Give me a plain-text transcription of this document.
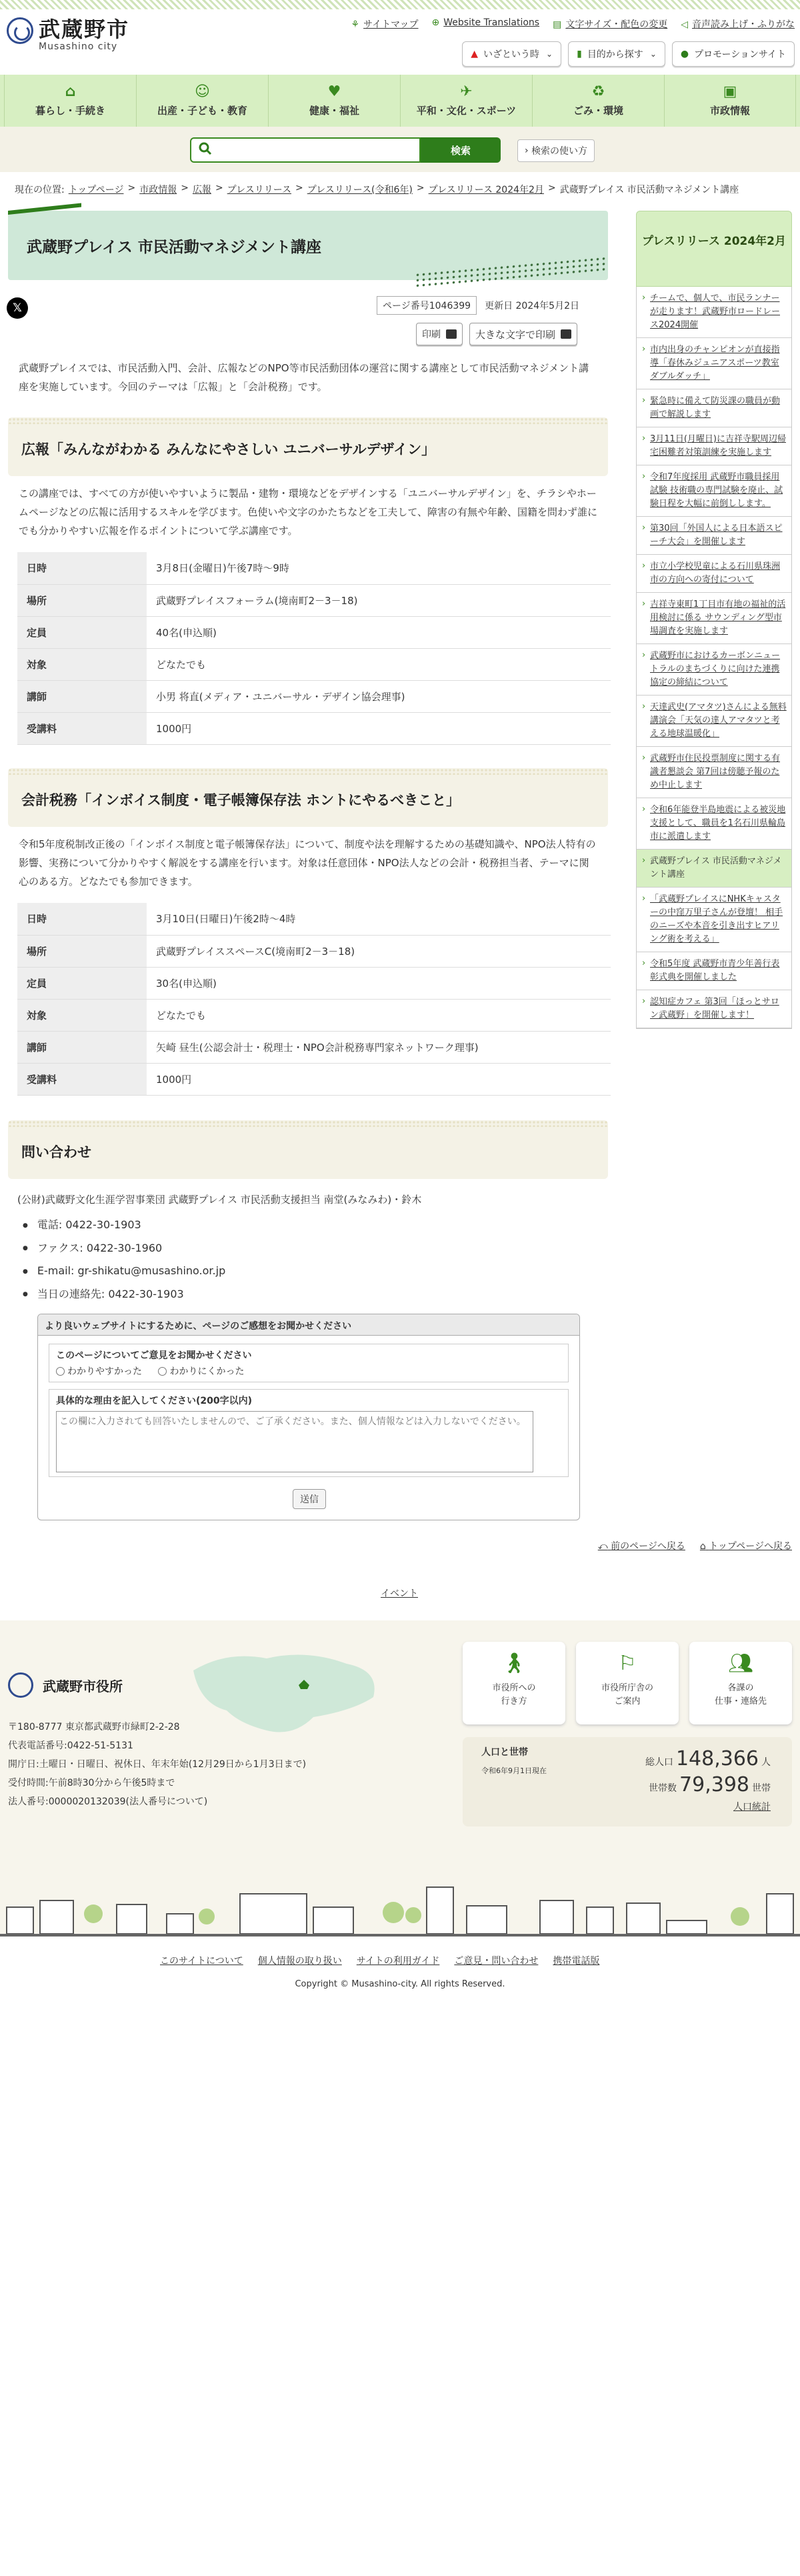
武蔵野市
Musashino city
⚘ サイトマップ ⊕ Website Translations ▤ 文字サイズ・配色の変更 ◁ 音声読み上げ・ふりがな
▲ いざという時 ⌄	▮ 目的から探す ⌄	● プロモーションサイト
⌂
暮らし・手続き
☺
出産・子ども・教育
♥
健康・福祉
✈
平和・文化・スポーツ
♻
ごみ・環境
▣
市政情報
検索	›
検索の使い方
現在の位置: トップページ > 市政情報 > 広報 > プレスリリース > プレスリリース(令和6年) > プレスリリース 2024年2月 > 武蔵野プレイス 市民活動マネジメント講座
武蔵野プレイス 市民活動マネジメント講座
𝕏	ページ番号1046399	更新日 2024年5月2日
印刷	大きな文字で印刷

武蔵野プレイスでは、市民活動入門、会計、広報などのNPO等市民活動団体の運営に関する講座として市民活動マネジメント講座を実施しています。今回のテーマは「広報」と「会計税務」です。

広報「みんながわかる みんなにやさしい ユニバーサルデザイン」

この講座では、すべての方が使いやすいように製品・建物・環境などをデザインする「ユニバーサルデザイン」を、チラシやホームページなどの広報に活用するスキルを学びます。色使いや文字のかたちなどを工夫して、障害の有無や年齢、国籍を問わず誰にでも分かりやすい広報を作るポイントについて学ぶ講座です。

日時	3月8日(金曜日)午後7時～9時
場所	武蔵野プレイスフォーラム(境南町2－3－18)
定員	40名(申込順)
対象	どなたでも
講師	小男 将直(メディア・ユニバーサル・デザイン協会理事)
受講料	1000円
会計税務「インボイス制度・電子帳簿保存法 ホントにやるべきこと」

令和5年度税制改正後の「インボイス制度と電子帳簿保存法」について、制度や法を理解するための基礎知識や、NPO法人特有の影響、実務について分かりやすく解説をする講座を行います。対象は任意団体・NPO法人などの会計・税務担当者、テーマに関心のある方。どなたでも参加できます。

日時	3月10日(日曜日)午後2時～4時
場所	武蔵野プレイススペースC(境南町2－3－18)
定員	30名(申込順)
対象	どなたでも
講師	矢崎 昼生(公認会計士・税理士・NPO会計税務専門家ネットワーク理事)
受講料	1000円
問い合わせ

(公財)武蔵野文化生涯学習事業団 武蔵野プレイス 市民活動支援担当 南堂(みなみわ)・鈴木

● 電話: 0422-30-1903
● ファクス: 0422-30-1960
● E-mail: gr-shikatu@musashino.or.jp
● 当日の連絡先: 0422-30-1903
より良いウェブサイトにするために、ページのご感想をお聞かせください
このページについてご意見をお聞かせください
わかりやすかった
	わかりにくかった
具体的な理由を記入してください(200字以内)
この欄に入力されても回答いたしませんので、ご了承ください。また、個人情報などは入力しないでください。
送信
⤺ 前のページへ戻る ⌂ トップページへ戻る
イベント
プレスリリース 2024年2月
› チームで、個人で、市民ランナーが走ります！武蔵野市ロードレース2024開催
› 市内出身のチャンピオンが直接指導「春休みジュニアスポーツ教室 ダブルダッチ」
› 緊急時に備えて防災課の職員が動画で解説します
› 3月11日(月曜日)に吉祥寺駅周辺帰宅困難者対策訓練を実施します
› 令和7年度採用 武蔵野市職員採用試験 技術職の専門試験を廃止、試験日程を大幅に前倒しします。
› 第30回「外国人による日本語スピーチ大会」を開催します
› 市立小学校児童による石川県珠洲市の方向への寄付について
› 吉祥寺東町1丁目市有地の福祉的活用検討に係る サウンディング型市場調査を実施します
› 武蔵野市におけるカーボンニュートラルのまちづくりに向けた連携協定の締結について
› 天達武史(アマタツ)さんによる無料講演会「天気の達人アマタツと考える地球温暖化」
› 武蔵野市住民投票制度に関する有識者懇談会 第7回は傍聴予報のため中止します
› 令和6年能登半島地震による被災地支援として、職員を1名石川県輪島市に派遣します
› 武蔵野プレイス 市民活動マネジメント講座
› 「武蔵野プレイスにNHKキャスターの中窪万里子さんが登壇！ 相手のニーズや本音を引き出すヒアリング術を考える」
› 令和5年度 武蔵野市青少年善行表彰式典を開催しました
› 認知症カフェ 第3回「ほっとサロン武蔵野」を開催します！
武蔵野市役所
〒180-8777 東京都武蔵野市緑町2-2-28
代表電話番号:0422-51-5131
開庁日:土曜日・日曜日、祝休日、年末年始(12月29日から1月3日まで)
受付時間:午前8時30分から午後5時まで
法人番号:0000020132039(法人番号について)
🚶︎
市役所への
行き方
⚐
市役所庁舎の
ご案内
👥︎
各課の
仕事・連絡先
人口と世帯
令和6年9月1日現在
総人口 148,366 人
世帯数 79,398 世帯
人口統計
このサイトについて 個人情報の取り扱い サイトの利用ガイド ご意見・問い合わせ 携帯電話版
Copyright © Musashino-city. All rights Reserved.
